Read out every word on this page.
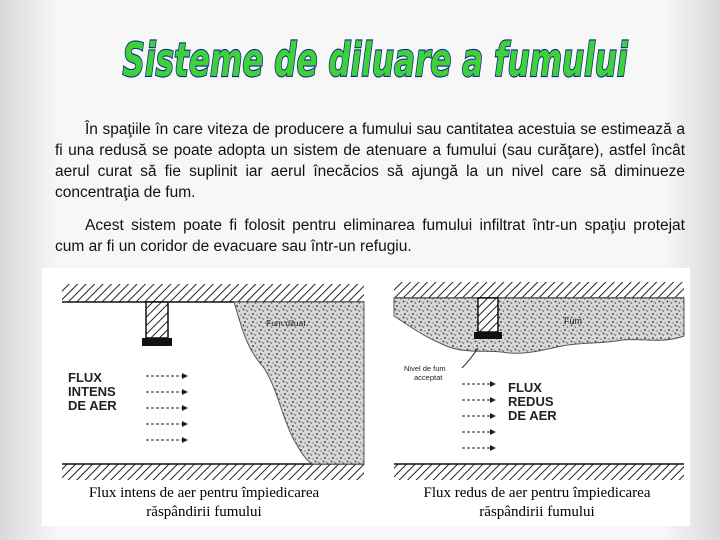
Sisteme de diluare a fumului

În spaţiile în care viteza de producere a fumului sau cantitatea acestuia se estimează a fi una redusă se poate adopta un sistem de atenuare a fumului (sau curăţare), astfel încât aerul curat să fie suplinit iar aerul înecăcios să ajungă la un nivel care să diminueze concentraţia de fum.

Acest sistem poate fi folosit pentru eliminarea fumului infiltrat într-un spaţiu protejat cum ar fi un coridor de evacuare sau într-un refugiu.

Fum diluat
FLUX
INTENS
DE AER
Fum
Nivel de fum
acceptat
FLUX
REDUS
DE AER
Flux intens de aer pentru împiedicarea
răspândirii fumului
Flux redus de aer pentru împiedicarea
răspândirii fumului
